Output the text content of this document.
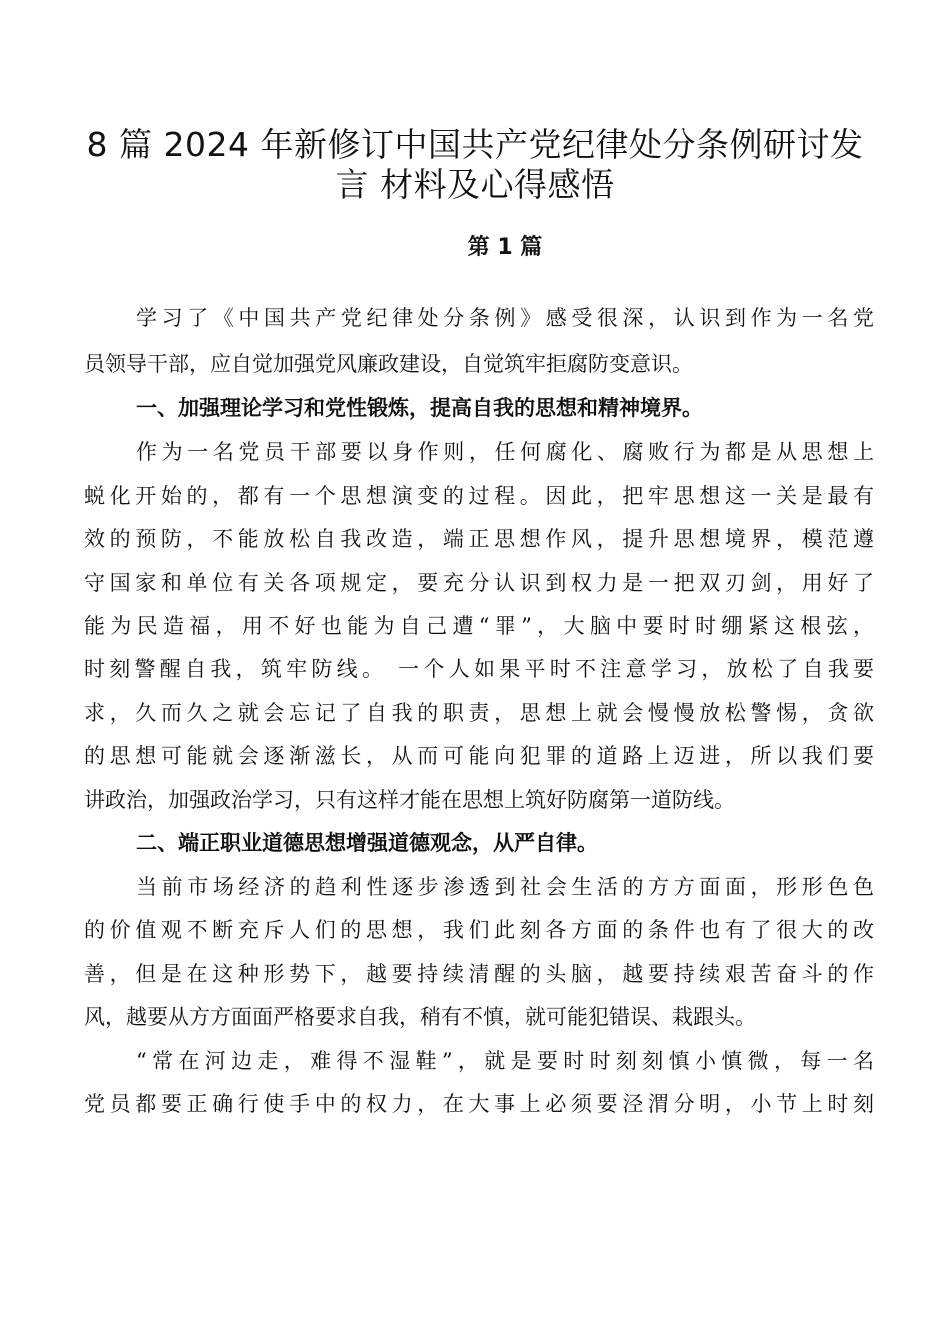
8 篇 2024 年新修订中国共产党纪律处分条例研讨发
言 材料及心得感悟
第 1 篇
学习了《中国共产党纪律处分条例》感受很深，认识到作为一名党
员领导干部，应自觉加强党风廉政建设，自觉筑牢拒腐防变意识。
一、加强理论学习和党性锻炼，提高自我的思想和精神境界。
作为一名党员干部要以身作则，任何腐化、腐败行为都是从思想上
蜕化开始的，都有一个思想演变的过程。因此，把牢思想这一关是最有
效的预防，不能放松自我改造，端正思想作风，提升思想境界，模范遵
守国家和单位有关各项规定，要充分认识到权力是一把双刃剑，用好了
能为民造福，用不好也能为自己遭“罪”，大脑中要时时绷紧这根弦，
时刻警醒自我，筑牢防线。 一个人如果平时不注意学习，放松了自我要
求，久而久之就会忘记了自我的职责，思想上就会慢慢放松警惕，贪欲
的思想可能就会逐渐滋长，从而可能向犯罪的道路上迈进，所以我们要
讲政治，加强政治学习，只有这样才能在思想上筑好防腐第一道防线。
二、端正职业道德思想增强道德观念，从严自律。
当前市场经济的趋利性逐步渗透到社会生活的方方面面，形形色色
的价值观不断充斥人们的思想，我们此刻各方面的条件也有了很大的改
善，但是在这种形势下，越要持续清醒的头脑，越要持续艰苦奋斗的作
风，越要从方方面面严格要求自我，稍有不慎，就可能犯错误、栽跟头。
“常在河边走，难得不湿鞋”，就是要时时刻刻慎小慎微，每一名
党员都要正确行使手中的权力，在大事上必须要泾渭分明，小节上时刻
